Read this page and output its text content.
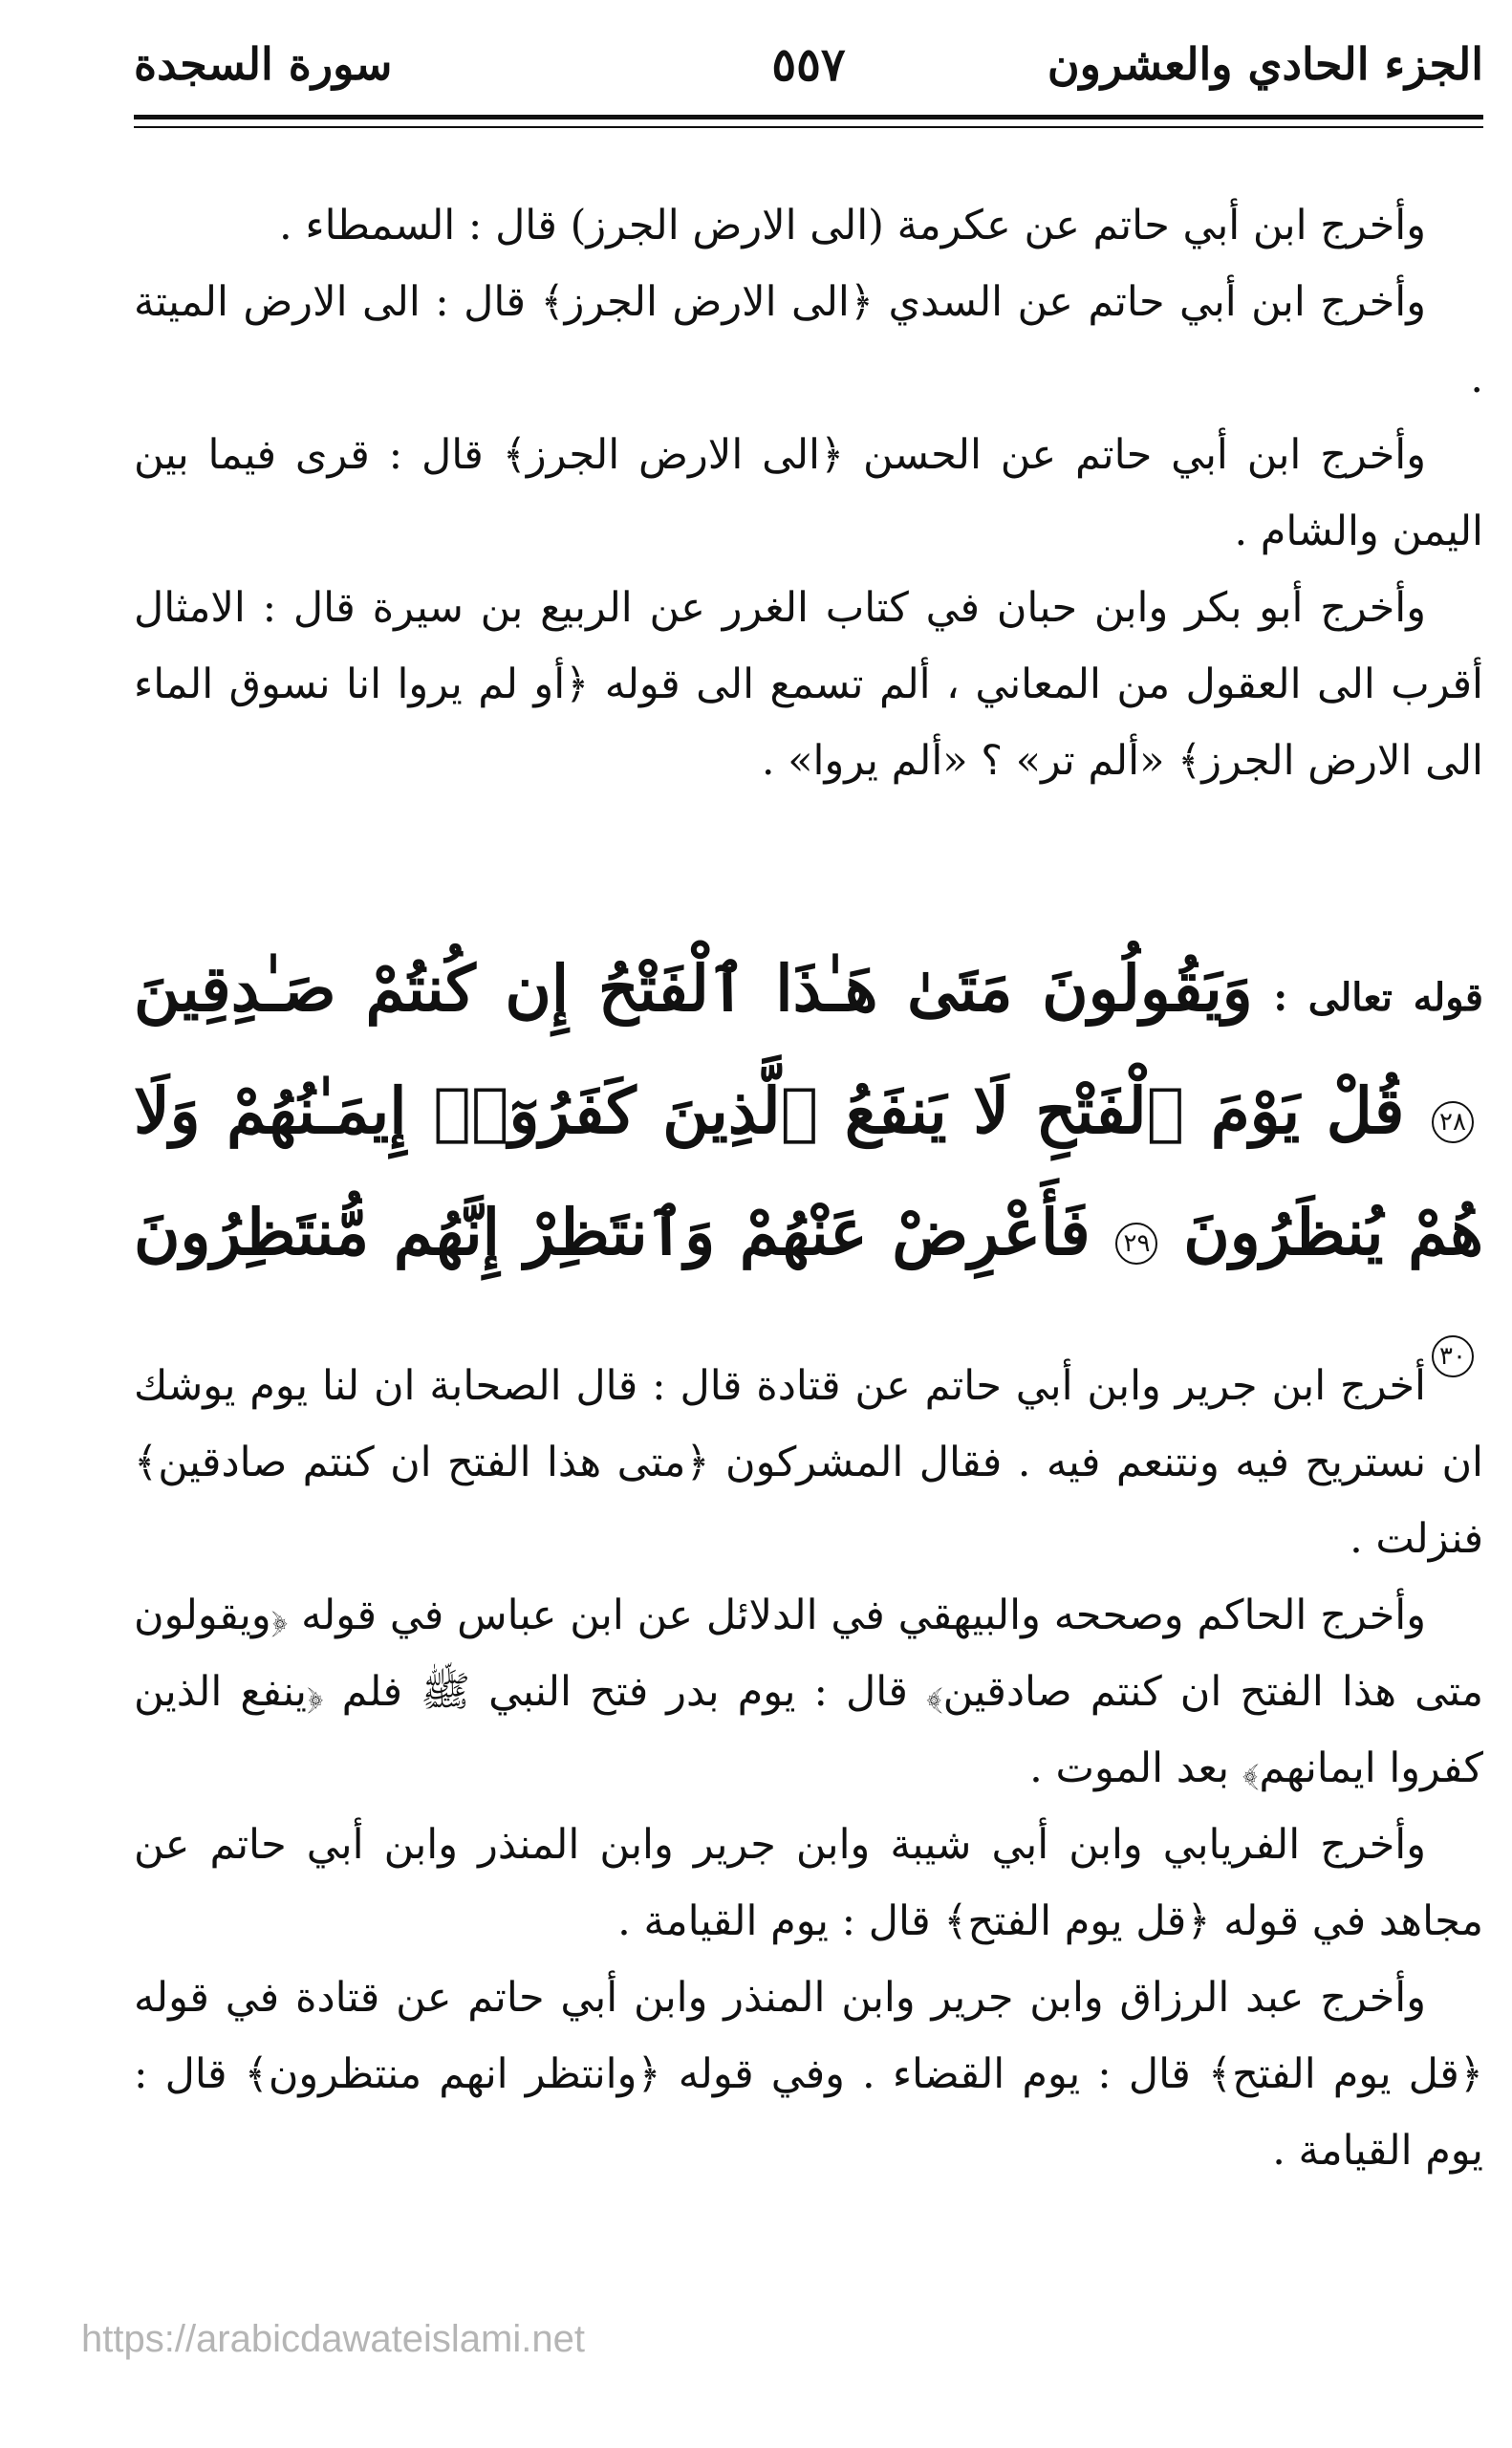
الجزء الحادي والعشرون
٥٥٧
سورة السجدة

وأخرج ابن أبي حاتم عن عكرمة (الى الارض الجرز) قال : السمطاء .

وأخرج ابن أبي حاتم عن السدي ﴿الى الارض الجرز﴾ قال : الى الارض الميتة .

وأخرج ابن أبي حاتم عن الحسن ﴿الى الارض الجرز﴾ قال : قرى فيما بين اليمن والشام .

وأخرج أبو بكر وابن حبان في كتاب الغرر عن الربيع بن سيرة قال : الامثال أقرب الى العقول من المعاني ، ألم تسمع الى قوله ﴿أو لم يروا انا نسوق الماء الى الارض الجرز﴾ «ألم تر» ؟ «ألم يروا» .

قوله تعالى : وَيَقُولُونَ مَتَىٰ هَـٰذَا ٱلْفَتْحُ إِن كُنتُمْ صَـٰدِقِينَ ٢٨ قُلْ يَوْمَ ٱلْفَتْحِ لَا يَنفَعُ ٱلَّذِينَ كَفَرُوٓا۟ إِيمَـٰنُهُمْ وَلَا هُمْ يُنظَرُونَ ٢٩ فَأَعْرِضْ عَنْهُمْ وَٱنتَظِرْ إِنَّهُم مُّنتَظِرُونَ ٣٠

أخرج ابن جرير وابن أبي حاتم عن قتادة قال : قال الصحابة ان لنا يوم يوشك ان نستريح فيه ونتنعم فيه . فقال المشركون ﴿متى هذا الفتح ان كنتم صادقين﴾ فنزلت .

وأخرج الحاكم وصححه والبيهقي في الدلائل عن ابن عباس في قوله ﴿ويقولون متى هذا الفتح ان كنتم صادقين﴾ قال : يوم بدر فتح النبي ﷺ فلم ﴿ينفع الذين كفروا ايمانهم﴾ بعد الموت .

وأخرج الفريابي وابن أبي شيبة وابن جرير وابن المنذر وابن أبي حاتم عن مجاهد في قوله ﴿قل يوم الفتح﴾ قال : يوم القيامة .

وأخرج عبد الرزاق وابن جرير وابن المنذر وابن أبي حاتم عن قتادة في قوله ﴿قل يوم الفتح﴾ قال : يوم القضاء . وفي قوله ﴿وانتظر انهم منتظرون﴾ قال : يوم القيامة .

https://arabicdawateislami.net
